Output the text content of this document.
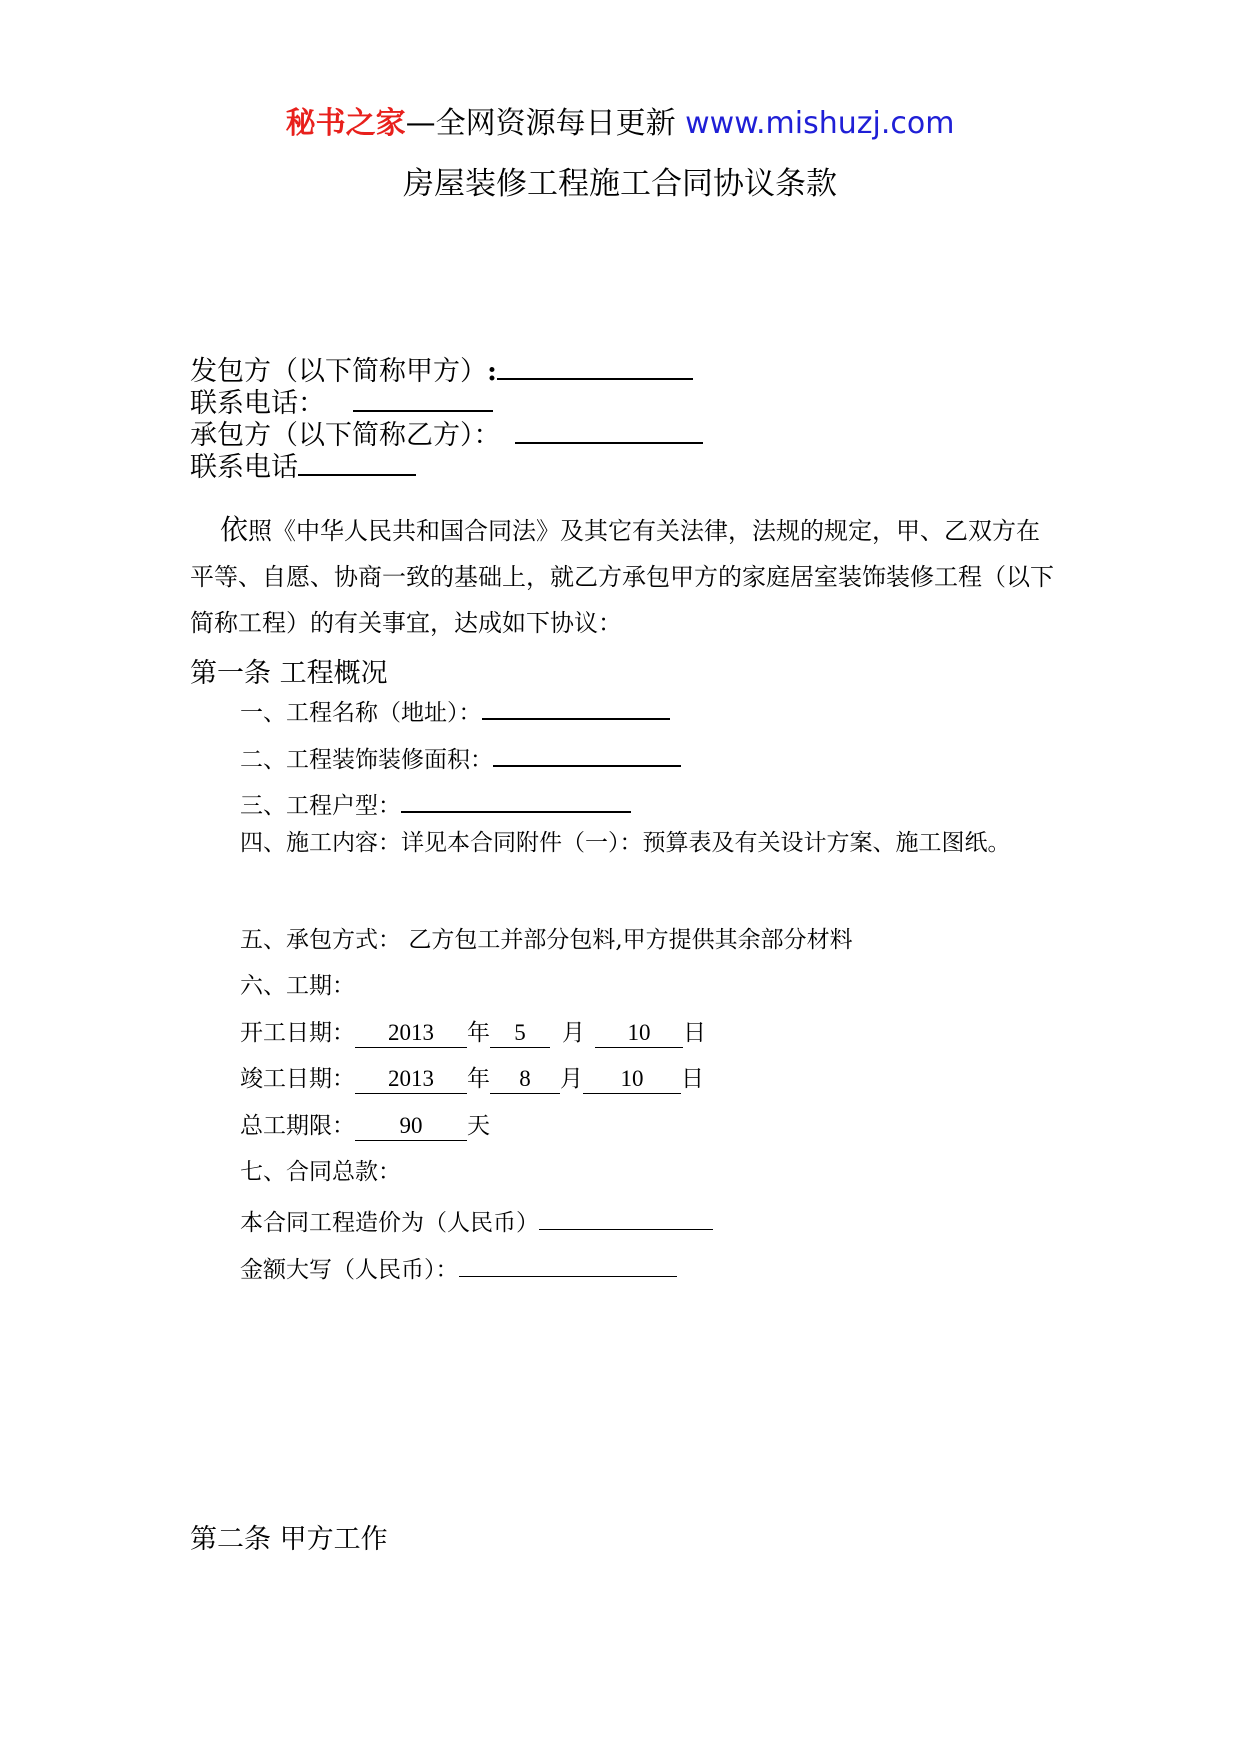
秘书之家—全网资源每日更新 www.mishuzj.com
房屋装修工程施工合同协议条款
发包方（以下简称甲方）:
联系电话：
承包方（以下简称乙方）：
联系电话

依照《中华人民共和国合同法》及其它有关法律，法规的规定，甲、乙双方在平等、自愿、协商一致的基础上，就乙方承包甲方的家庭居室装饰装修工程（以下简称工程）的有关事宜，达成如下协议：

第一条 工程概况
一、工程名称（地址）：
二、工程装饰装修面积：
三、工程户型：

四、施工内容：详见本合同附件（一）：预算表及有关设计方案、施工图纸。

五、承包方式： 乙方包工并部分包料,甲方提供其余部分材料
六、工期：
开工日期： 2013 年 5 月 10 日
竣工日期： 2013 年 8 月 10 日
总工期限： 90 天
七、合同总款：
本合同工程造价为（人民币）
金额大写（人民币）：
第二条 甲方工作
